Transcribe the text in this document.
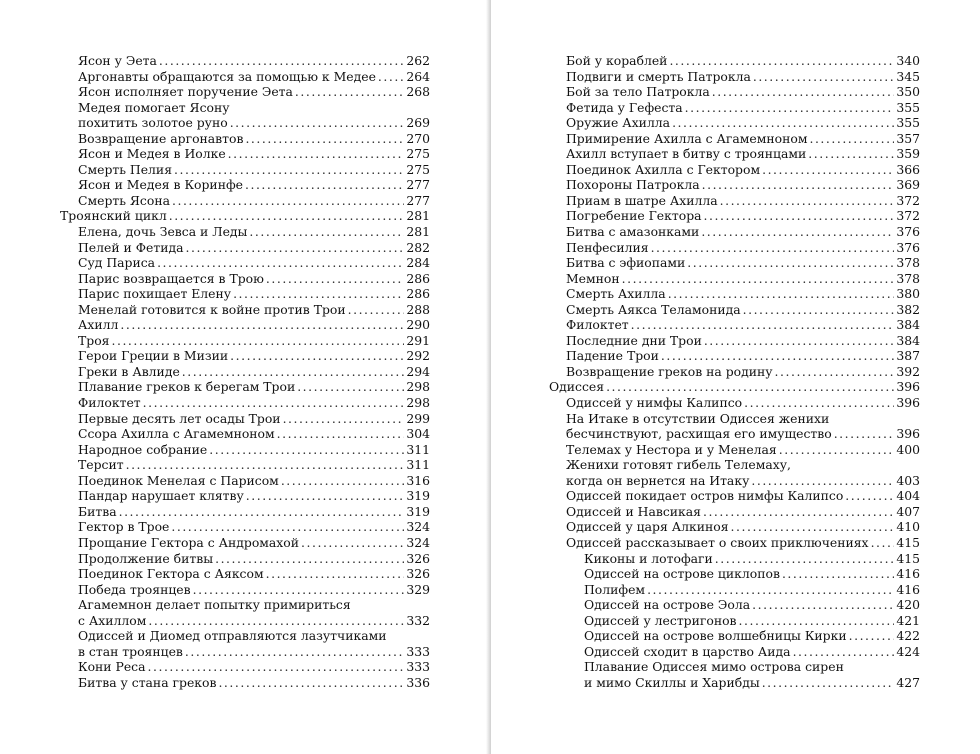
Ясон у Эета . . .	262
Аргонавты обращаются за помощью к Медее . . . 264
Ясон исполняет поручение Эета . . .	268
Медея помогает Ясону
похитить золотое руно . . .	269
Возвращение аргонавтов . . .	270
Ясон и Медея в Иолке . . .	275
Смерть Пелия . . .	275
Ясон и Медея в Коринфе . . .	277
Смерть Ясона . . .	277
Троянский цикл . . .	281
Елена, дочь Зевса и Леды . . .	281
Пелей и Фетида . . .	282
Суд Париса . . .	284
Парис возвращается в Трою . . .	286
Парис похищает Елену . . .	286
Менелай готовится к войне против Трои . . .	288
Ахилл . . .	290
Троя . . .	291
Герои Греции в Мизии . . .	292
Греки в Авлиде . . .	294
Плавание греков к берегам Трои . . .	298
Филоктет . . .	298
Первые десять лет осады Трои . . .	299
Ссора Ахилла с Агамемноном . . .	304
Народное собрание . . .	311
Терсит . . .	311
Поединок Менелая с Парисом . . .	316
Пандар нарушает клятву . . .	319
Битва . . .	319
Гектор в Трое . . .	324
Прощание Гектора с Андромахой . . .	324
Продолжение битвы . . .	326
Поединок Гектора с Аяксом . . .	326
Победа троянцев . . .	329
Агамемнон делает попытку примириться
с Ахиллом . . .	332
Одиссей и Диомед отправляются лазутчиками
в стан троянцев . . .	333
Кони Реса . . .	333
Битва у стана греков . . .	336
Бой у кораблей . . .	340
Подвиги и смерть Патрокла . . .	345
Бой за тело Патрокла . . .	350
Фетида у Гефеста . . .	355
Оружие Ахилла . . .	355
Примирение Ахилла с Агамемноном . . .	357
Ахилл вступает в битву с троянцами . . .	359
Поединок Ахилла с Гектором . . .	366
Похороны Патрокла . . .	369
Приам в шатре Ахилла . . .	372
Погребение Гектора . . .	372
Битва с амазонками . . .	376
Пенфесилия . . .	376
Битва с эфиопами . . .	378
Мемнон . . .	378
Смерть Ахилла . . .	380
Смерть Аякса Теламонида . . .	382
Филоктет . . .	384
Последние дни Трои . . .	384
Падение Трои . . .	387
Возвращение греков на родину . . .	392
Одиссея . . .	396
Одиссей у нимфы Калипсо . . .	396
На Итаке в отсутствии Одиссея женихи
бесчинствуют, расхищая его имущество . . .	396
Телемах у Нестора и у Менелая . . .	400
Женихи готовят гибель Телемаху,
когда он вернется на Итаку . . .	403
Одиссей покидает остров нимфы Калипсо . . .	404
Одиссей и Навсикая . . .	407
Одиссей у царя Алкиноя . . .	410
Одиссей рассказывает о своих приключениях . . . 415
Киконы и лотофаги . . .	415
Одиссей на острове циклопов . . .	416
Полифем . . .	416
Одиссей на острове Эола . . .	420
Одиссей у лестригонов . . .	421
Одиссей на острове волшебницы Кирки . . .	422
Одиссей сходит в царство Аида . . .	424
Плавание Одиссея мимо острова сирен
и мимо Скиллы и Харибды . . .	427
